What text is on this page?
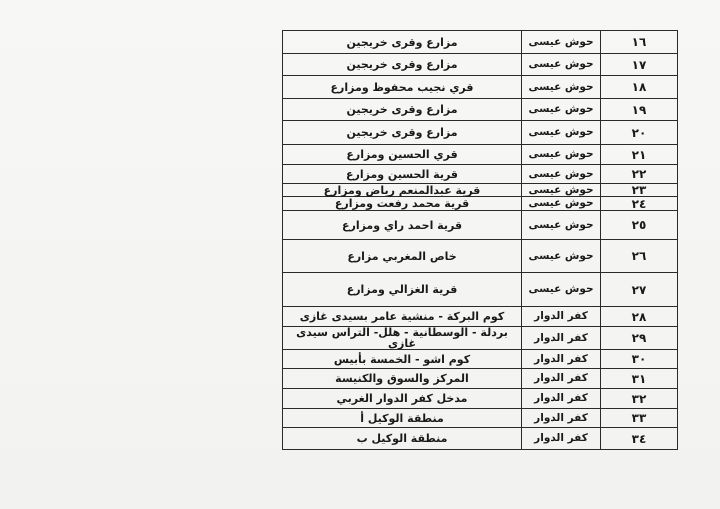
١٦	حوش عيسى	مزارع وقرى خريجين
١٧	حوش عيسى	مزارع وقرى خريجين
١٨	حوش عيسى	قري نجيب محفوظ ومزارع
١٩	حوش عيسى	مزارع وقرى خريجين
٢٠	حوش عيسى	مزارع وقرى خريجين
٢١	حوش عيسى	قري الحسين ومزارع
٢٢	حوش عيسى	قرية الحسين ومزارع
٢٣	حوش عيسى	قرية عبدالمنعم رياض ومزارع
٢٤	حوش عيسى	قرية محمد رفعت ومزارع
٢٥	حوش عيسى	قرية احمد راي ومزارع
٢٦	حوش عيسى	خاص المغربي مزارع
٢٧	حوش عيسى	قرية الغزالي ومزارع
٢٨	كفر الدوار	كوم البركة - منشية عامر بسيدى غازى
٢٩	كفر الدوار	بردلة - الوسطانية - هلل- التراس سيدى غازى
٣٠	كفر الدوار	كوم اشو - الخمسة بأبيس
٣١	كفر الدوار	المركز والسوق والكنيسة
٣٢	كفر الدوار	مدخل كفر الدوار الغربي
٣٣	كفر الدوار	منطقة الوكيل أ
٣٤	كفر الدوار	منطقة الوكيل ب
